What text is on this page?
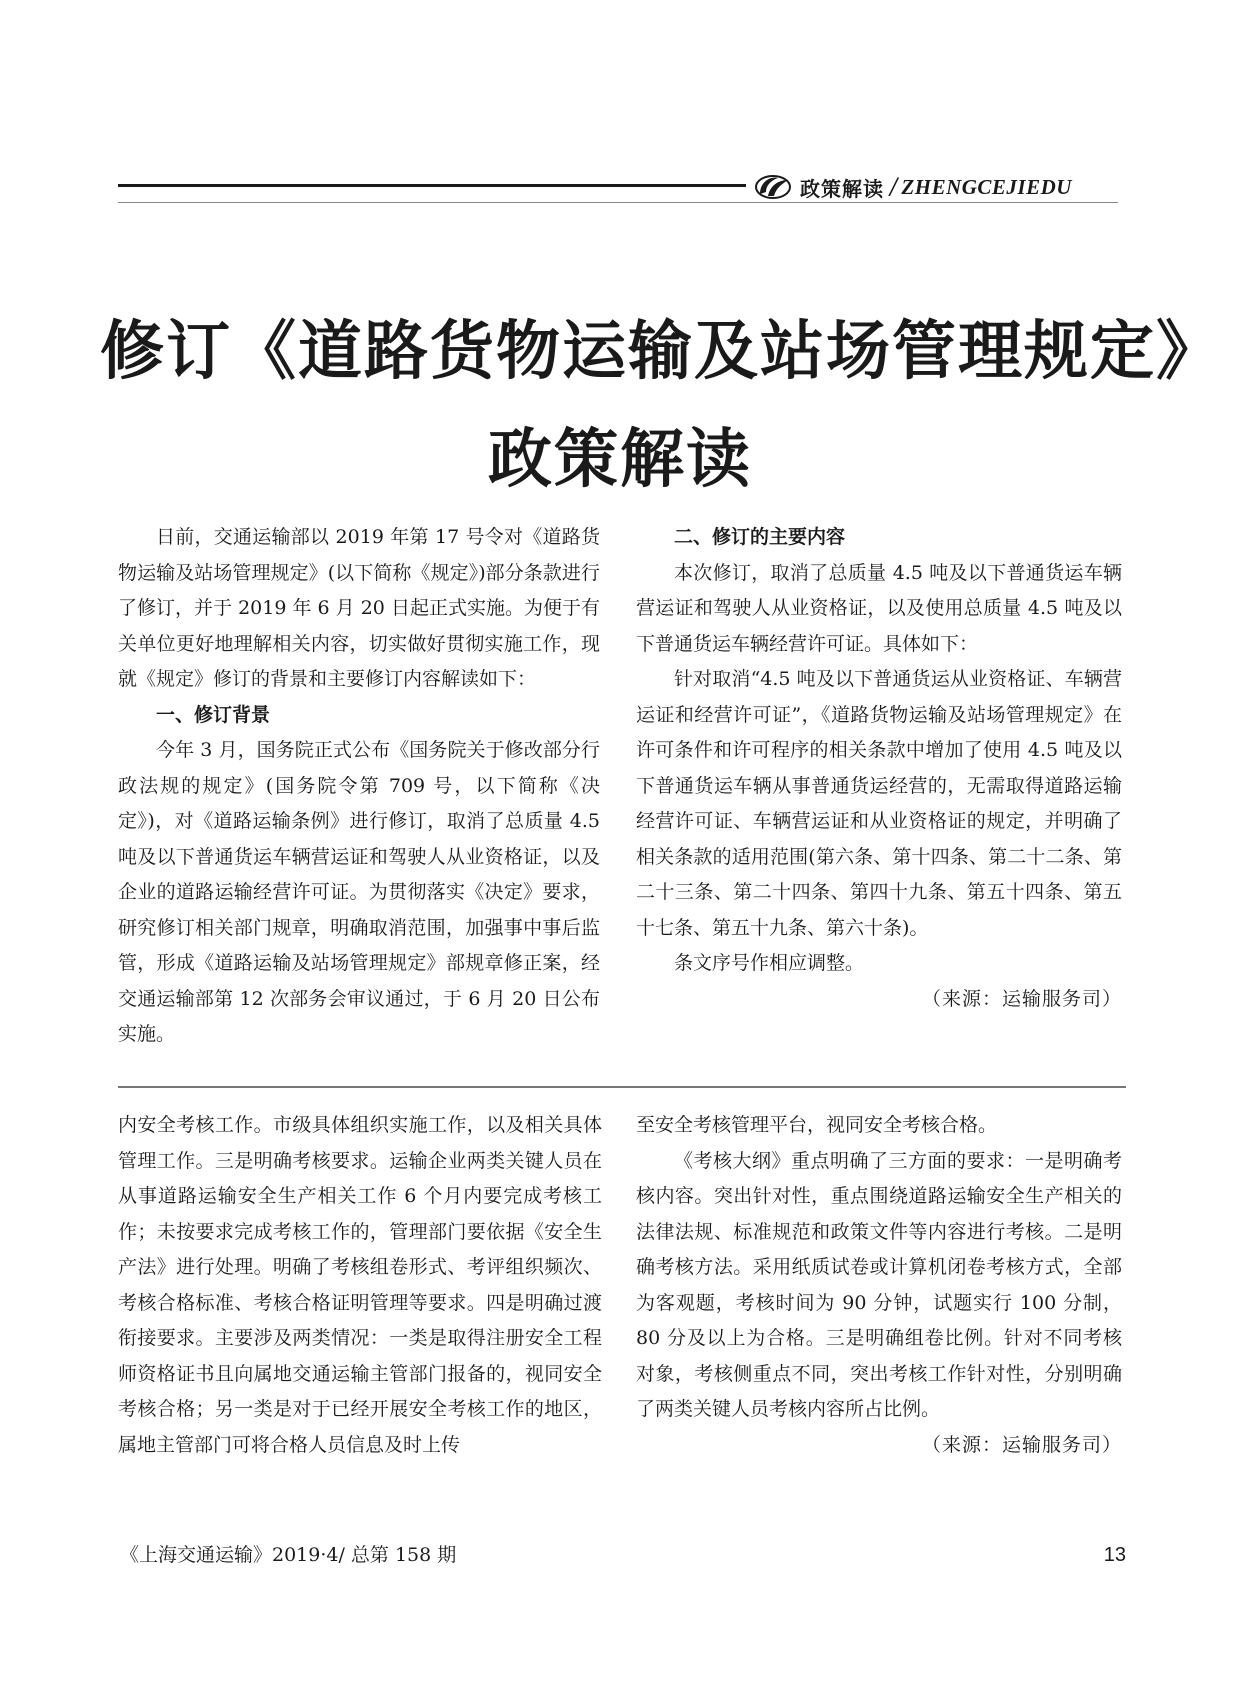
政策解读 / ZHENGCEJIEDU
修订《道路货物运输及站场管理规定》
政策解读

日前，交通运输部以 2019 年第 17 号令对《道路货物运输及站场管理规定》(以下简称《规定》)部分条款进行了修订，并于 2019 年 6 月 20 日起正式实施。为便于有关单位更好地理解相关内容，切实做好贯彻实施工作，现就《规定》修订的背景和主要修订内容解读如下：

一、修订背景

今年 3 月，国务院正式公布《国务院关于修改部分行政法规的规定》(国务院令第 709 号，以下简称《决定》)，对《道路运输条例》进行修订，取消了总质量 4.5 吨及以下普通货运车辆营运证和驾驶人从业资格证，以及企业的道路运输经营许可证。为贯彻落实《决定》要求，研究修订相关部门规章，明确取消范围，加强事中事后监管，形成《道路运输及站场管理规定》部规章修正案，经交通运输部第 12 次部务会审议通过，于 6 月 20 日公布实施。

二、修订的主要内容

本次修订，取消了总质量 4.5 吨及以下普通货运车辆营运证和驾驶人从业资格证，以及使用总质量 4.5 吨及以下普通货运车辆经营许可证。具体如下：

针对取消“4.5 吨及以下普通货运从业资格证、车辆营运证和经营许可证”，《道路货物运输及站场管理规定》在许可条件和许可程序的相关条款中增加了使用 4.5 吨及以下普通货运车辆从事普通货运经营的，无需取得道路运输经营许可证、车辆营运证和从业资格证的规定，并明确了相关条款的适用范围(第六条、第十四条、第二十二条、第二十三条、第二十四条、第四十九条、第五十四条、第五十七条、第五十九条、第六十条)。

条文序号作相应调整。

（来源：运输服务司）

内安全考核工作。市级具体组织实施工作，以及相关具体管理工作。三是明确考核要求。运输企业两类关键人员在从事道路运输安全生产相关工作 6 个月内要完成考核工作；未按要求完成考核工作的，管理部门要依据《安全生产法》进行处理。明确了考核组卷形式、考评组织频次、考核合格标准、考核合格证明管理等要求。四是明确过渡衔接要求。主要涉及两类情况：一类是取得注册安全工程师资格证书且向属地交通运输主管部门报备的，视同安全考核合格；另一类是对于已经开展安全考核工作的地区，属地主管部门可将合格人员信息及时上传

至安全考核管理平台，视同安全考核合格。

《考核大纲》重点明确了三方面的要求：一是明确考核内容。突出针对性，重点围绕道路运输安全生产相关的法律法规、标准规范和政策文件等内容进行考核。二是明确考核方法。采用纸质试卷或计算机闭卷考核方式，全部为客观题，考核时间为 90 分钟，试题实行 100 分制，80 分及以上为合格。三是明确组卷比例。针对不同考核对象，考核侧重点不同，突出考核工作针对性，分别明确了两类关键人员考核内容所占比例。

（来源：运输服务司）

《上海交通运输》2019·4/ 总第 158 期	13
